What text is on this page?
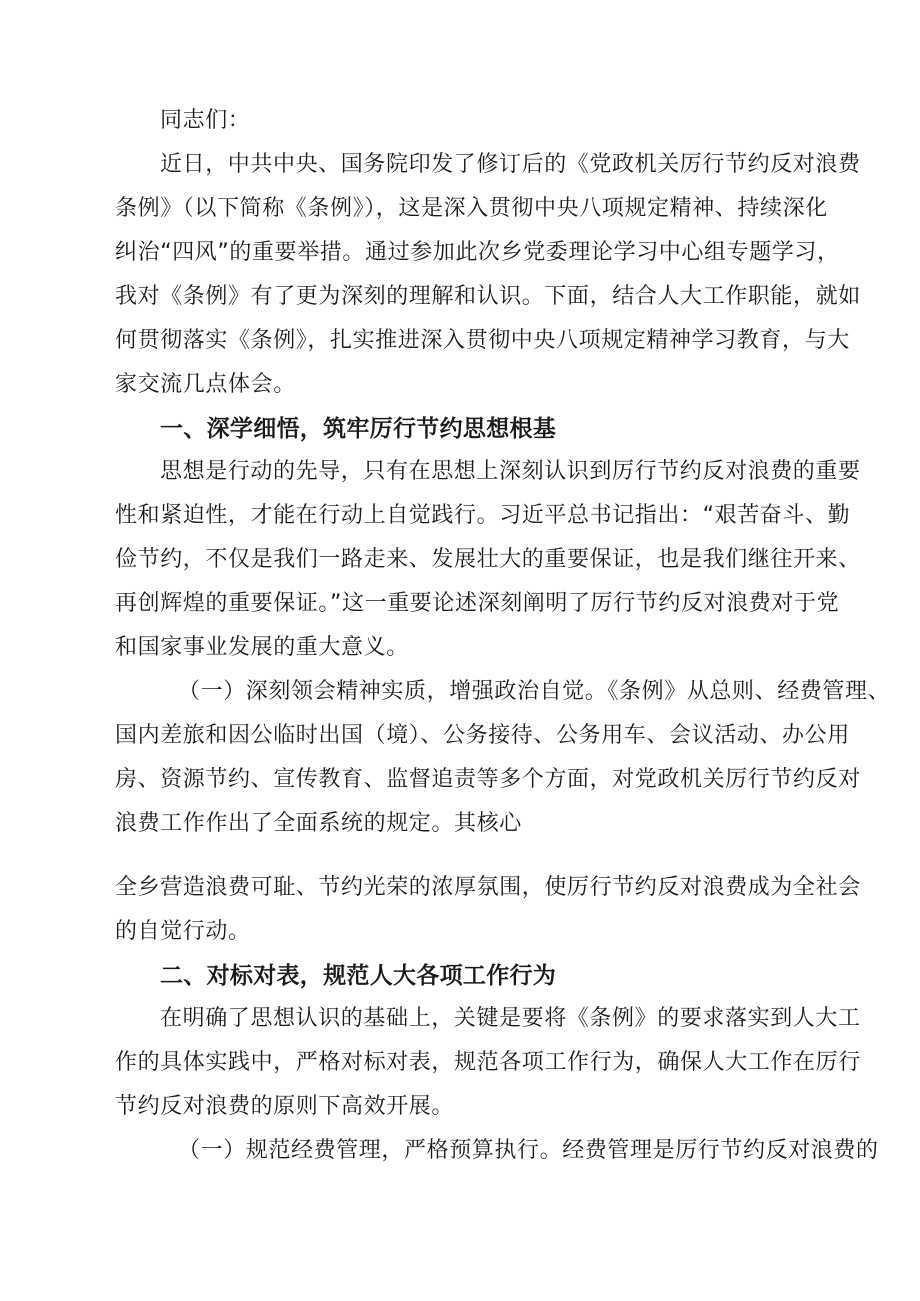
同志们：
近日，中共中央、国务院印发了修订后的《党政机关厉行节约反对浪费
条例》（以下简称《条例》），这是深入贯彻中央八项规定精神、持续深化
纠治“四风”的重要举措。通过参加此次乡党委理论学习中心组专题学习，
我对《条例》有了更为深刻的理解和认识。下面，结合人大工作职能，就如
何贯彻落实《条例》，扎实推进深入贯彻中央八项规定精神学习教育，与大
家交流几点体会。
一、深学细悟，筑牢厉行节约思想根基
思想是行动的先导，只有在思想上深刻认识到厉行节约反对浪费的重要
性和紧迫性，才能在行动上自觉践行。习近平总书记指出：“艰苦奋斗、勤
俭节约，不仅是我们一路走来、发展壮大的重要保证，也是我们继往开来、
再创辉煌的重要保证。”这一重要论述深刻阐明了厉行节约反对浪费对于党
和国家事业发展的重大意义。
（一）深刻领会精神实质，增强政治自觉。《条例》从总则、经费管理、
国内差旅和因公临时出国（境）、公务接待、公务用车、会议活动、办公用
房、资源节约、宣传教育、监督追责等多个方面，对党政机关厉行节约反对
浪费工作作出了全面系统的规定。其核心
全乡营造浪费可耻、节约光荣的浓厚氛围，使厉行节约反对浪费成为全社会
的自觉行动。
二、对标对表，规范人大各项工作行为
在明确了思想认识的基础上，关键是要将《条例》的要求落实到人大工
作的具体实践中，严格对标对表，规范各项工作行为，确保人大工作在厉行
节约反对浪费的原则下高效开展。
（一）规范经费管理，严格预算执行。经费管理是厉行节约反对浪费的
